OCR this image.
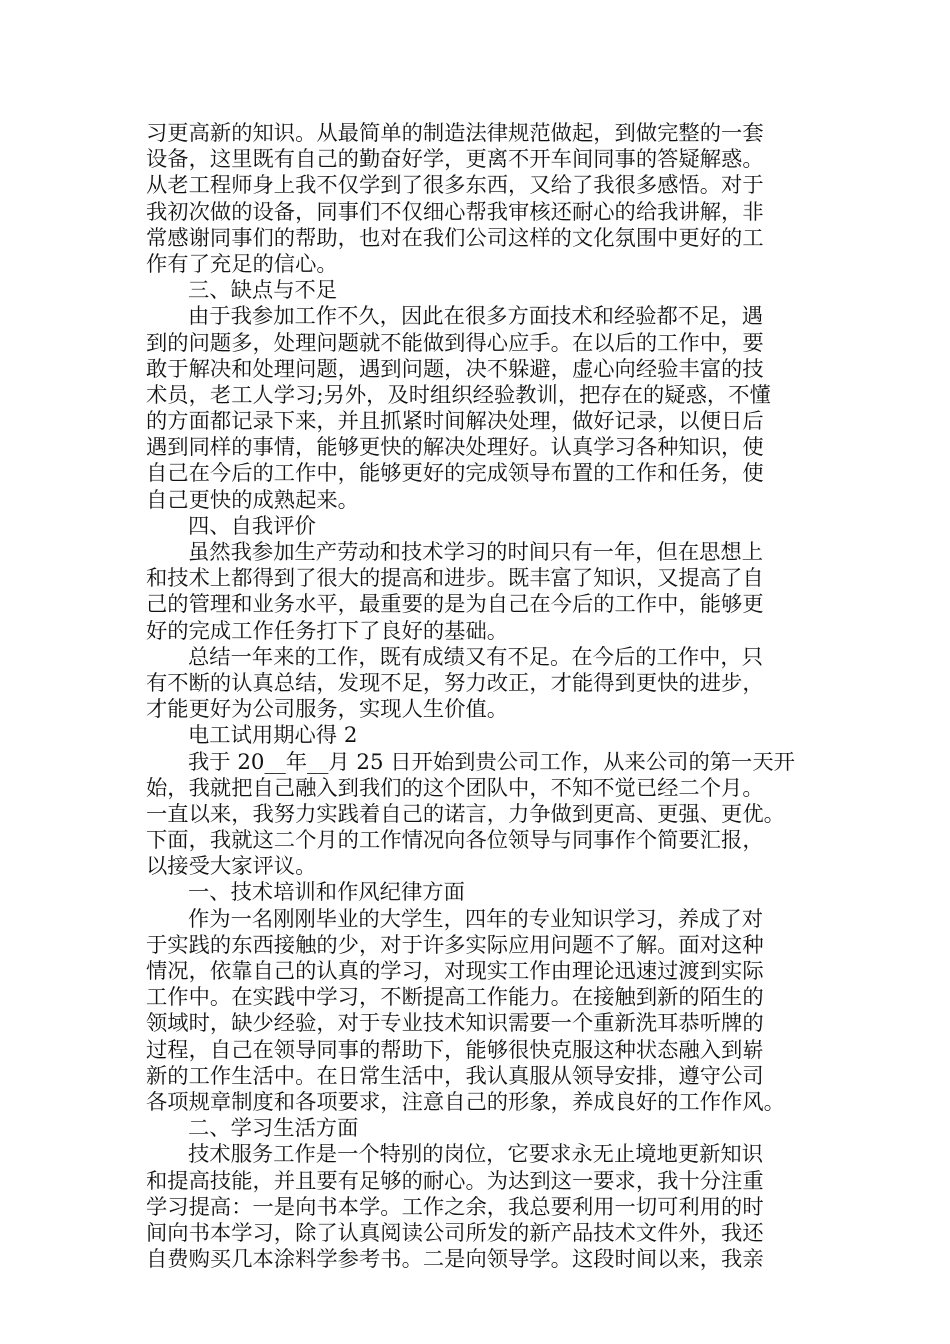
习更高新的知识。从最简单的制造法律规范做起，到做完整的一套
设备，这里既有自己的勤奋好学，更离不开车间同事的答疑解惑。
从老工程师身上我不仅学到了很多东西，又给了我很多感悟。对于
我初次做的设备，同事们不仅细心帮我审核还耐心的给我讲解，非
常感谢同事们的帮助，也对在我们公司这样的文化氛围中更好的工
作有了充足的信心。
三、缺点与不足
由于我参加工作不久，因此在很多方面技术和经验都不足，遇
到的问题多，处理问题就不能做到得心应手。在以后的工作中，要
敢于解决和处理问题，遇到问题，决不躲避，虚心向经验丰富的技
术员，老工人学习;另外，及时组织经验教训，把存在的疑惑，不懂
的方面都记录下来，并且抓紧时间解决处理，做好记录，以便日后
遇到同样的事情，能够更快的解决处理好。认真学习各种知识，使
自己在今后的工作中，能够更好的完成领导布置的工作和任务，使
自己更快的成熟起来。
四、自我评价
虽然我参加生产劳动和技术学习的时间只有一年，但在思想上
和技术上都得到了很大的提高和进步。既丰富了知识，又提高了自
己的管理和业务水平，最重要的是为自己在今后的工作中，能够更
好的完成工作任务打下了良好的基础。
总结一年来的工作，既有成绩又有不足。在今后的工作中，只
有不断的认真总结，发现不足，努力改正，才能得到更快的进步，
才能更好为公司服务，实现人生价值。
电工试用期心得 2
我于 20__年__月 25 日开始到贵公司工作，从来公司的第一天开
始，我就把自己融入到我们的这个团队中，不知不觉已经二个月。
一直以来，我努力实践着自己的诺言，力争做到更高、更强、更优。
下面，我就这二个月的工作情况向各位领导与同事作个简要汇报，
以接受大家评议。
一、技术培训和作风纪律方面
作为一名刚刚毕业的大学生，四年的专业知识学习，养成了对
于实践的东西接触的少，对于许多实际应用问题不了解。面对这种
情况，依靠自己的认真的学习，对现实工作由理论迅速过渡到实际
工作中。在实践中学习，不断提高工作能力。在接触到新的陌生的
领域时，缺少经验，对于专业技术知识需要一个重新洗耳恭听牌的
过程，自己在领导同事的帮助下，能够很快克服这种状态融入到崭
新的工作生活中。在日常生活中，我认真服从领导安排，遵守公司
各项规章制度和各项要求，注意自己的形象，养成良好的工作作风。
二、学习生活方面
技术服务工作是一个特别的岗位，它要求永无止境地更新知识
和提高技能，并且要有足够的耐心。为达到这一要求，我十分注重
学习提高：一是向书本学。工作之余，我总要利用一切可利用的时
间向书本学习，除了认真阅读公司所发的新产品技术文件外，我还
自费购买几本涂料学参考书。二是向领导学。这段时间以来，我亲
